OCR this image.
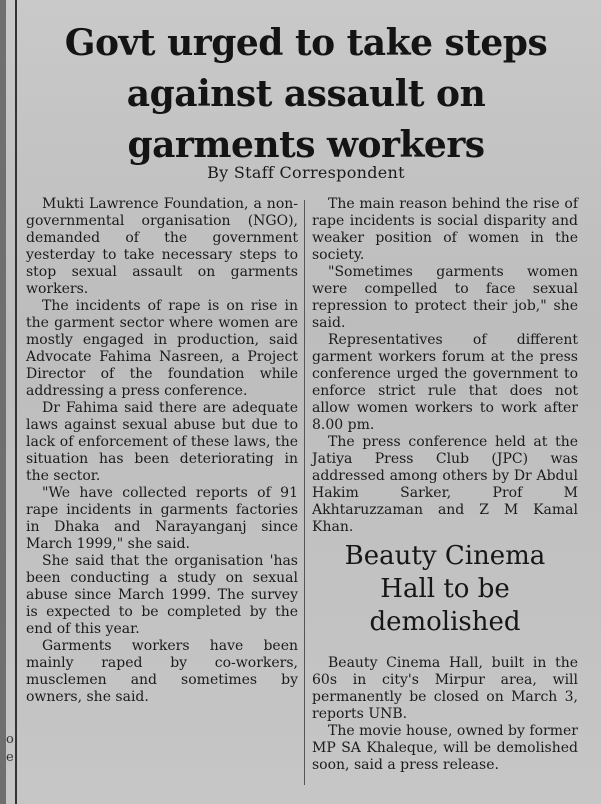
o
e
Govt urged to take steps
against assault on
garments workers
By Staff Correspondent

Mukti Lawrence Foundation, a non-governmental organisation (NGO), demanded of the government yesterday to take necessary steps to stop sexual assault on garments workers.

The incidents of rape is on rise in the garment sector where women are mostly engaged in production, said Advocate Fahima Nasreen, a Project Director of the foundation while addressing a press conference.

Dr Fahima said there are adequate laws against sexual abuse but due to lack of enforcement of these laws, the situation has been deteriorating in the sector.

"We have collected reports of 91 rape incidents in garments factories in Dhaka and Narayanganj since March 1999," she said.

She said that the organisation 'has been conducting a study on sexual abuse since March 1999. The survey is expected to be completed by the end of this year.

Garments workers have been mainly raped by co-workers, musclemen and sometimes by owners, she said.

The main reason behind the rise of rape incidents is social disparity and weaker position of women in the society.

"Sometimes garments women were compelled to face sexual repression to protect their job," she said.

Representatives of different garment workers forum at the press conference urged the government to enforce strict rule that does not allow women workers to work after 8.00 pm.

The press conference held at the Jatiya Press Club (JPC) was addressed among others by Dr Abdul Hakim Sarker, Prof M Akhtaruzzaman and Z M Kamal Khan.

Beauty Cinema
Hall to be
demolished

Beauty Cinema Hall, built in the 60s in city's Mirpur area, will permanently be closed on March 3, reports UNB.

The movie house, owned by former MP SA Khaleque, will be demolished soon, said a press release.
